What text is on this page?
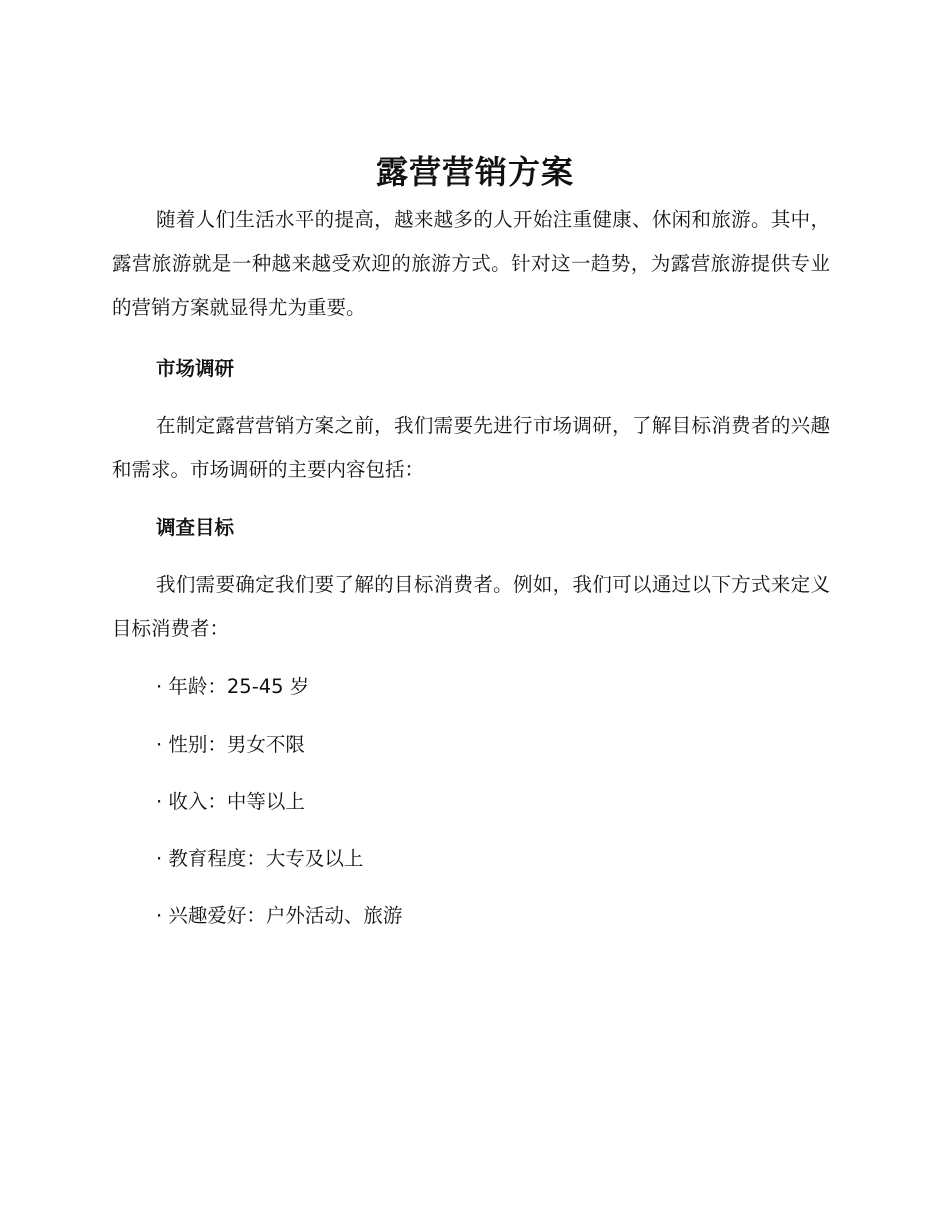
露营营销方案
随着人们生活水平的提高，越来越多的人开始注重健康、休闲和旅游。其中，露营旅游就是一种越来越受欢迎的旅游方式。针对这一趋势，为露营旅游提供专业的营销方案就显得尤为重要。
市场调研
在制定露营营销方案之前，我们需要先进行市场调研，了解目标消费者的兴趣和需求。市场调研的主要内容包括：
调查目标
我们需要确定我们要了解的目标消费者。例如，我们可以通过以下方式来定义目标消费者：
· 年龄：25-45 岁
· 性别：男女不限
· 收入：中等以上
· 教育程度：大专及以上
· 兴趣爱好：户外活动、旅游
